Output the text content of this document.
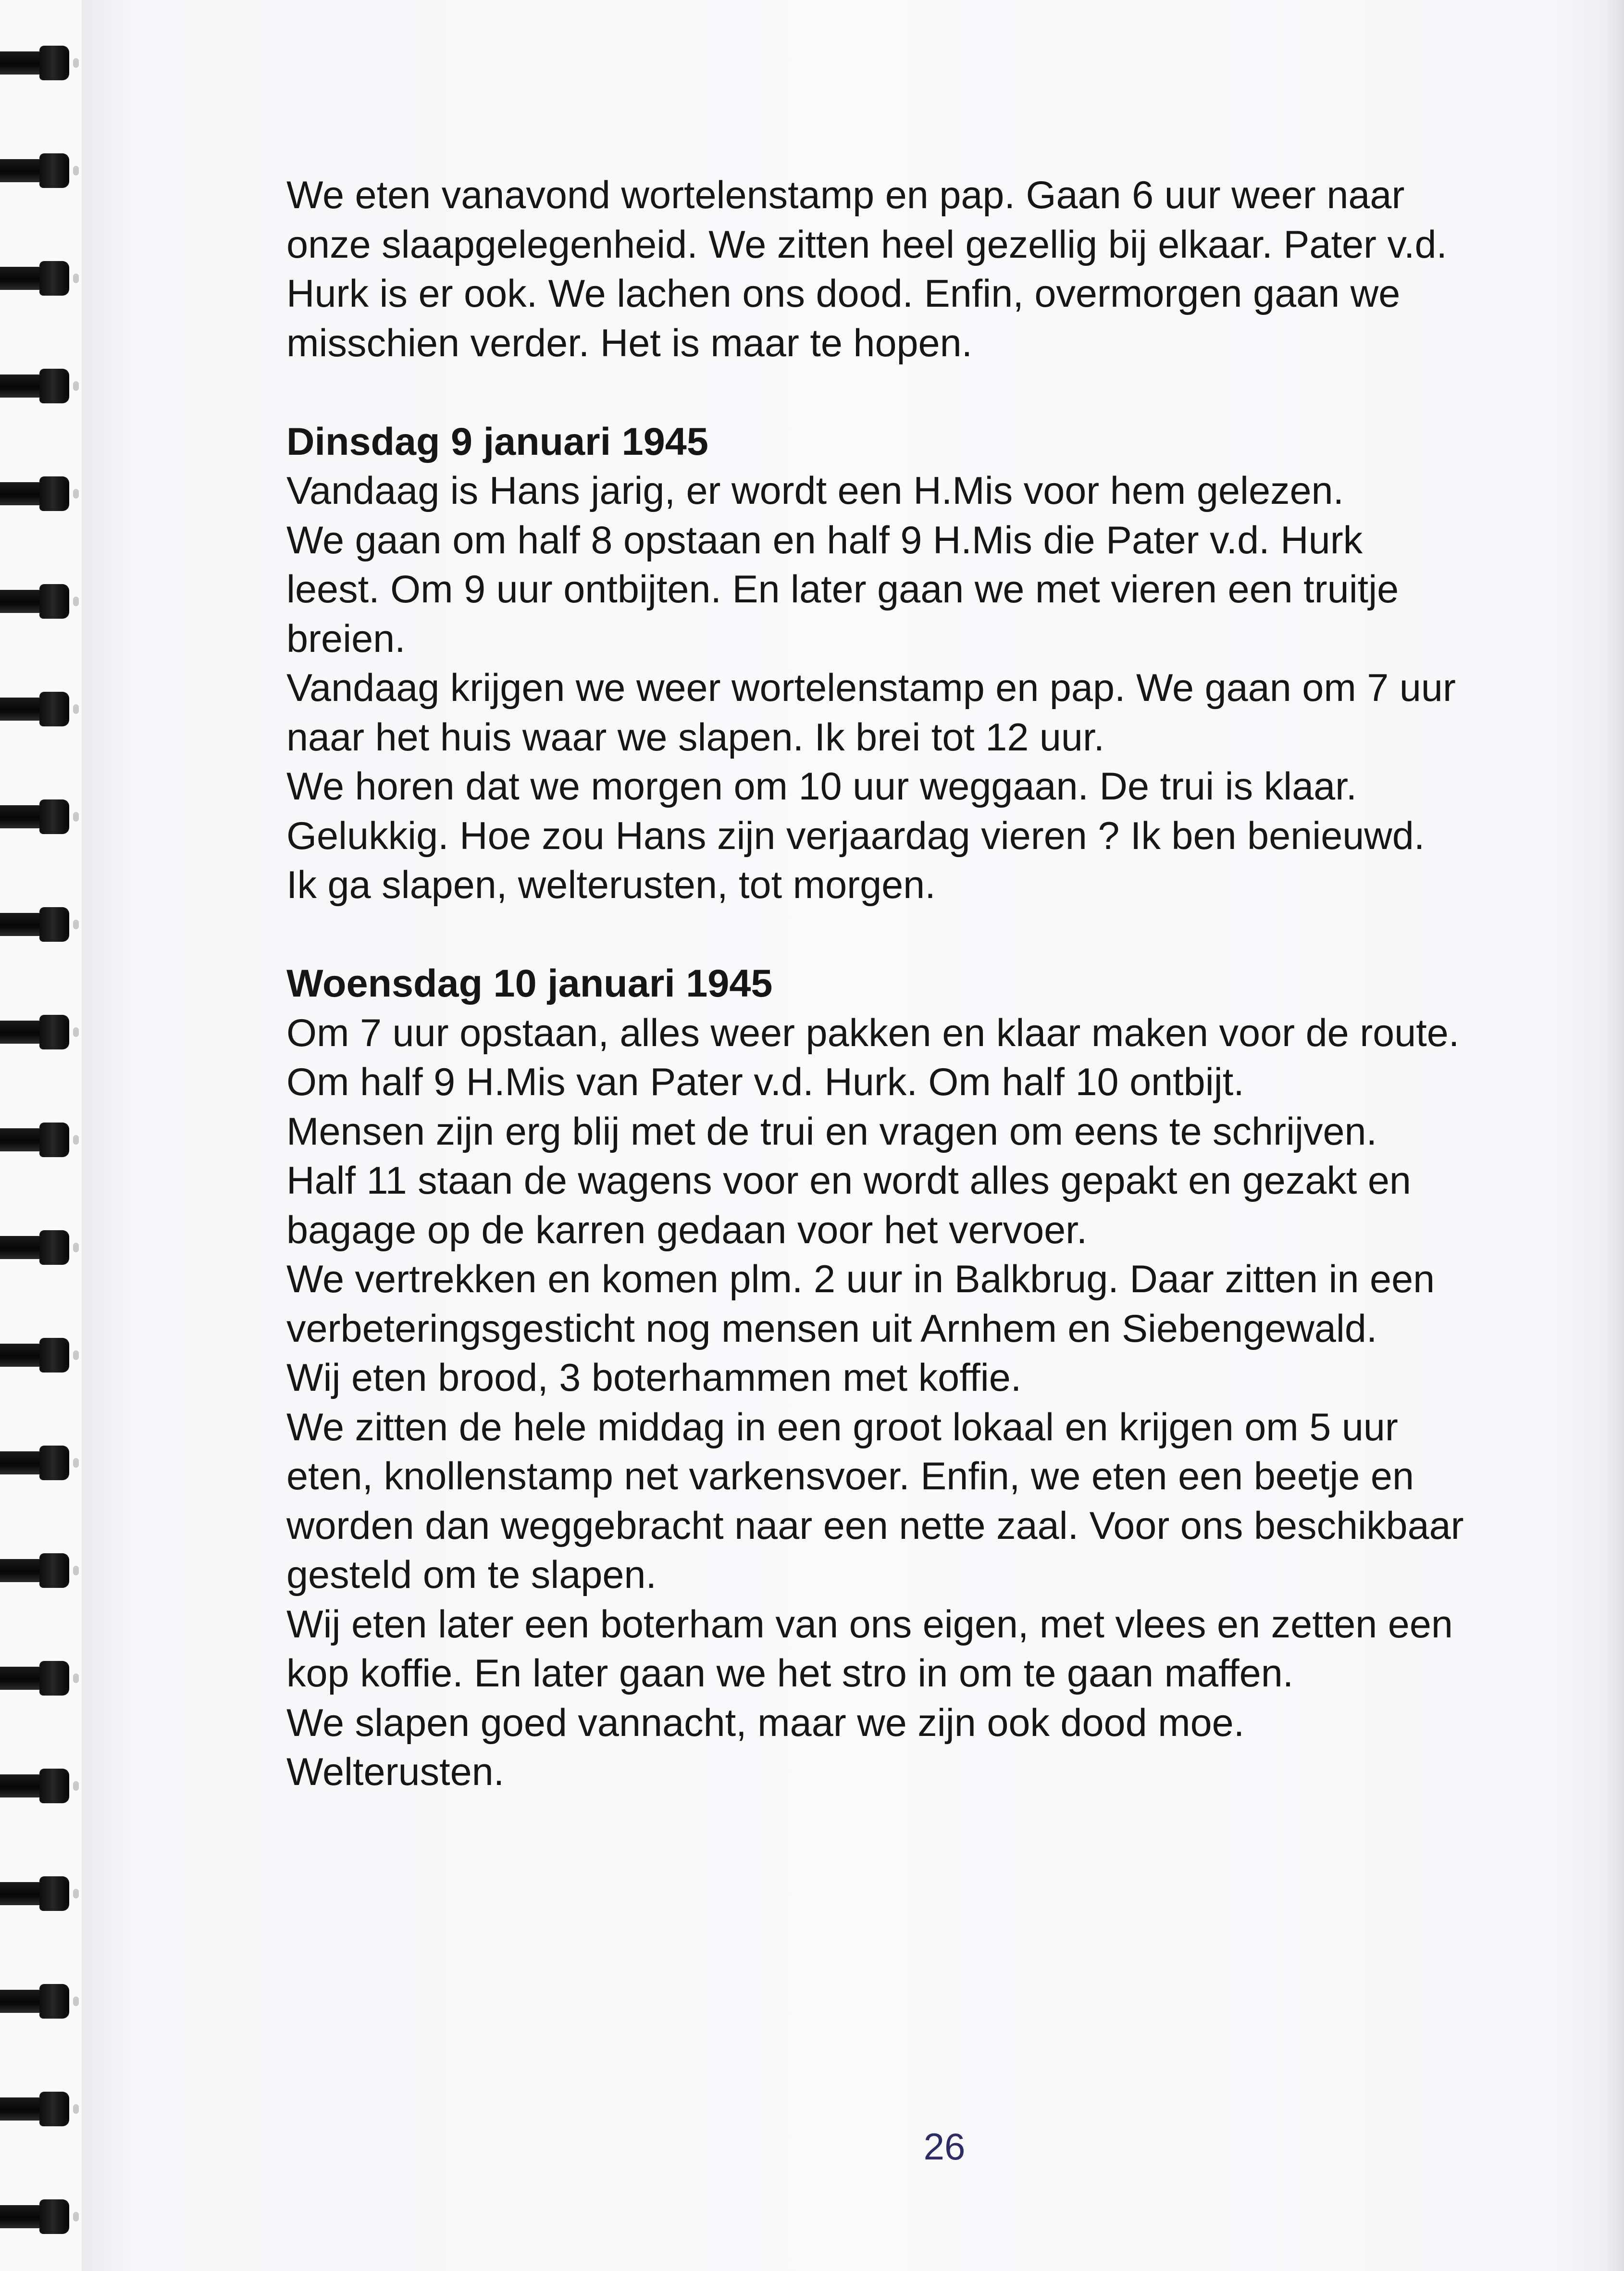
We eten vanavond wortelenstamp en pap. Gaan 6 uur weer naar

onze slaapgelegenheid. We zitten heel gezellig bij elkaar. Pater v.d.

Hurk is er ook. We lachen ons dood. Enfin, overmorgen gaan we

misschien verder. Het is maar te hopen.

Dinsdag 9 januari 1945

Vandaag is Hans jarig, er wordt een H.Mis voor hem gelezen.

We gaan om half 8 opstaan en half 9 H.Mis die Pater v.d. Hurk

leest. Om 9 uur ontbijten. En later gaan we met vieren een truitje

breien.

Vandaag krijgen we weer wortelenstamp en pap. We gaan om 7 uur

naar het huis waar we slapen. Ik brei tot 12 uur.

We horen dat we morgen om 10 uur weggaan. De trui is klaar.

Gelukkig. Hoe zou Hans zijn verjaardag vieren ? Ik ben benieuwd.

Ik ga slapen, welterusten, tot morgen.

Woensdag 10 januari 1945

Om 7 uur opstaan, alles weer pakken en klaar maken voor de route.

Om half 9 H.Mis van Pater v.d. Hurk. Om half 10 ontbijt.

Mensen zijn erg blij met de trui en vragen om eens te schrijven.

Half 11 staan de wagens voor en wordt alles gepakt en gezakt en

bagage op de karren gedaan voor het vervoer.

We vertrekken en komen plm. 2 uur in Balkbrug. Daar zitten in een

verbeteringsgesticht nog mensen uit Arnhem en Siebengewald.

Wij eten brood, 3 boterhammen met koffie.

We zitten de hele middag in een groot lokaal en krijgen om 5 uur

eten, knollenstamp net varkensvoer. Enfin, we eten een beetje en

worden dan weggebracht naar een nette zaal. Voor ons beschikbaar

gesteld om te slapen.

Wij eten later een boterham van ons eigen, met vlees en zetten een

kop koffie. En later gaan we het stro in om te gaan maffen.

We slapen goed vannacht, maar we zijn ook dood moe.

Welterusten.

26
